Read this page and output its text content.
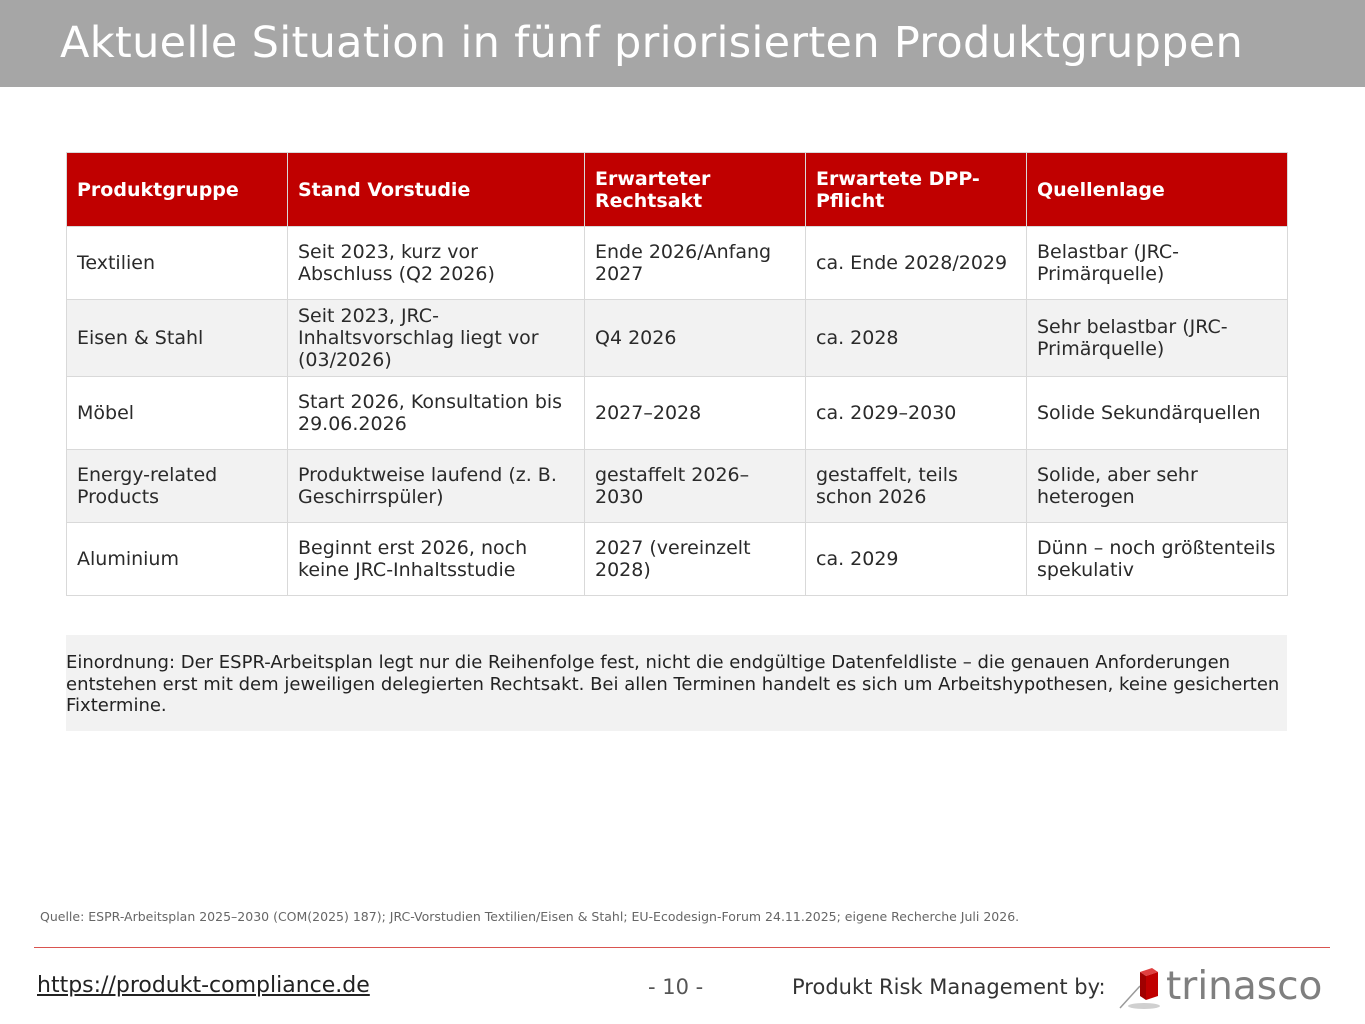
Aktuelle Situation in fünf priorisierten Produktgruppen
Produktgruppe	Stand Vorstudie	Erwarteter Rechtsakt	Erwartete DPP-Pflicht	Quellenlage
Textilien	Seit 2023, kurz vor Abschluss (Q2 2026)	Ende 2026/Anfang 2027	ca. Ende 2028/2029	Belastbar (JRC-Primärquelle)
Eisen & Stahl	Seit 2023, JRC-Inhaltsvorschlag liegt vor (03/2026)	Q4 2026	ca. 2028	Sehr belastbar (JRC-Primärquelle)
Möbel	Start 2026, Konsultation bis 29.06.2026	2027–2028	ca. 2029–2030	Solide Sekundärquellen
Energy-related Products	Produktweise laufend (z. B. Geschirrspüler)	gestaffelt 2026–2030	gestaffelt, teils schon 2026	Solide, aber sehr heterogen
Aluminium	Beginnt erst 2026, noch keine JRC-Inhaltsstudie	2027 (vereinzelt 2028)	ca. 2029	Dünn – noch größtenteils spekulativ
Einordnung: Der ESPR-Arbeitsplan legt nur die Reihenfolge fest, nicht die endgültige Datenfeldliste – die genauen Anforderungen entstehen erst mit dem jeweiligen delegierten Rechtsakt. Bei allen Terminen handelt es sich um Arbeitshypothesen, keine gesicherten Fixtermine.
Quelle: ESPR-Arbeitsplan 2025–2030 (COM(2025) 187); JRC-Vorstudien Textilien/Eisen & Stahl; EU-Ecodesign-Forum 24.11.2025; eigene Recherche Juli 2026.
https://produkt-compliance.de	- 10 -	Produkt Risk Management by: trinasco
